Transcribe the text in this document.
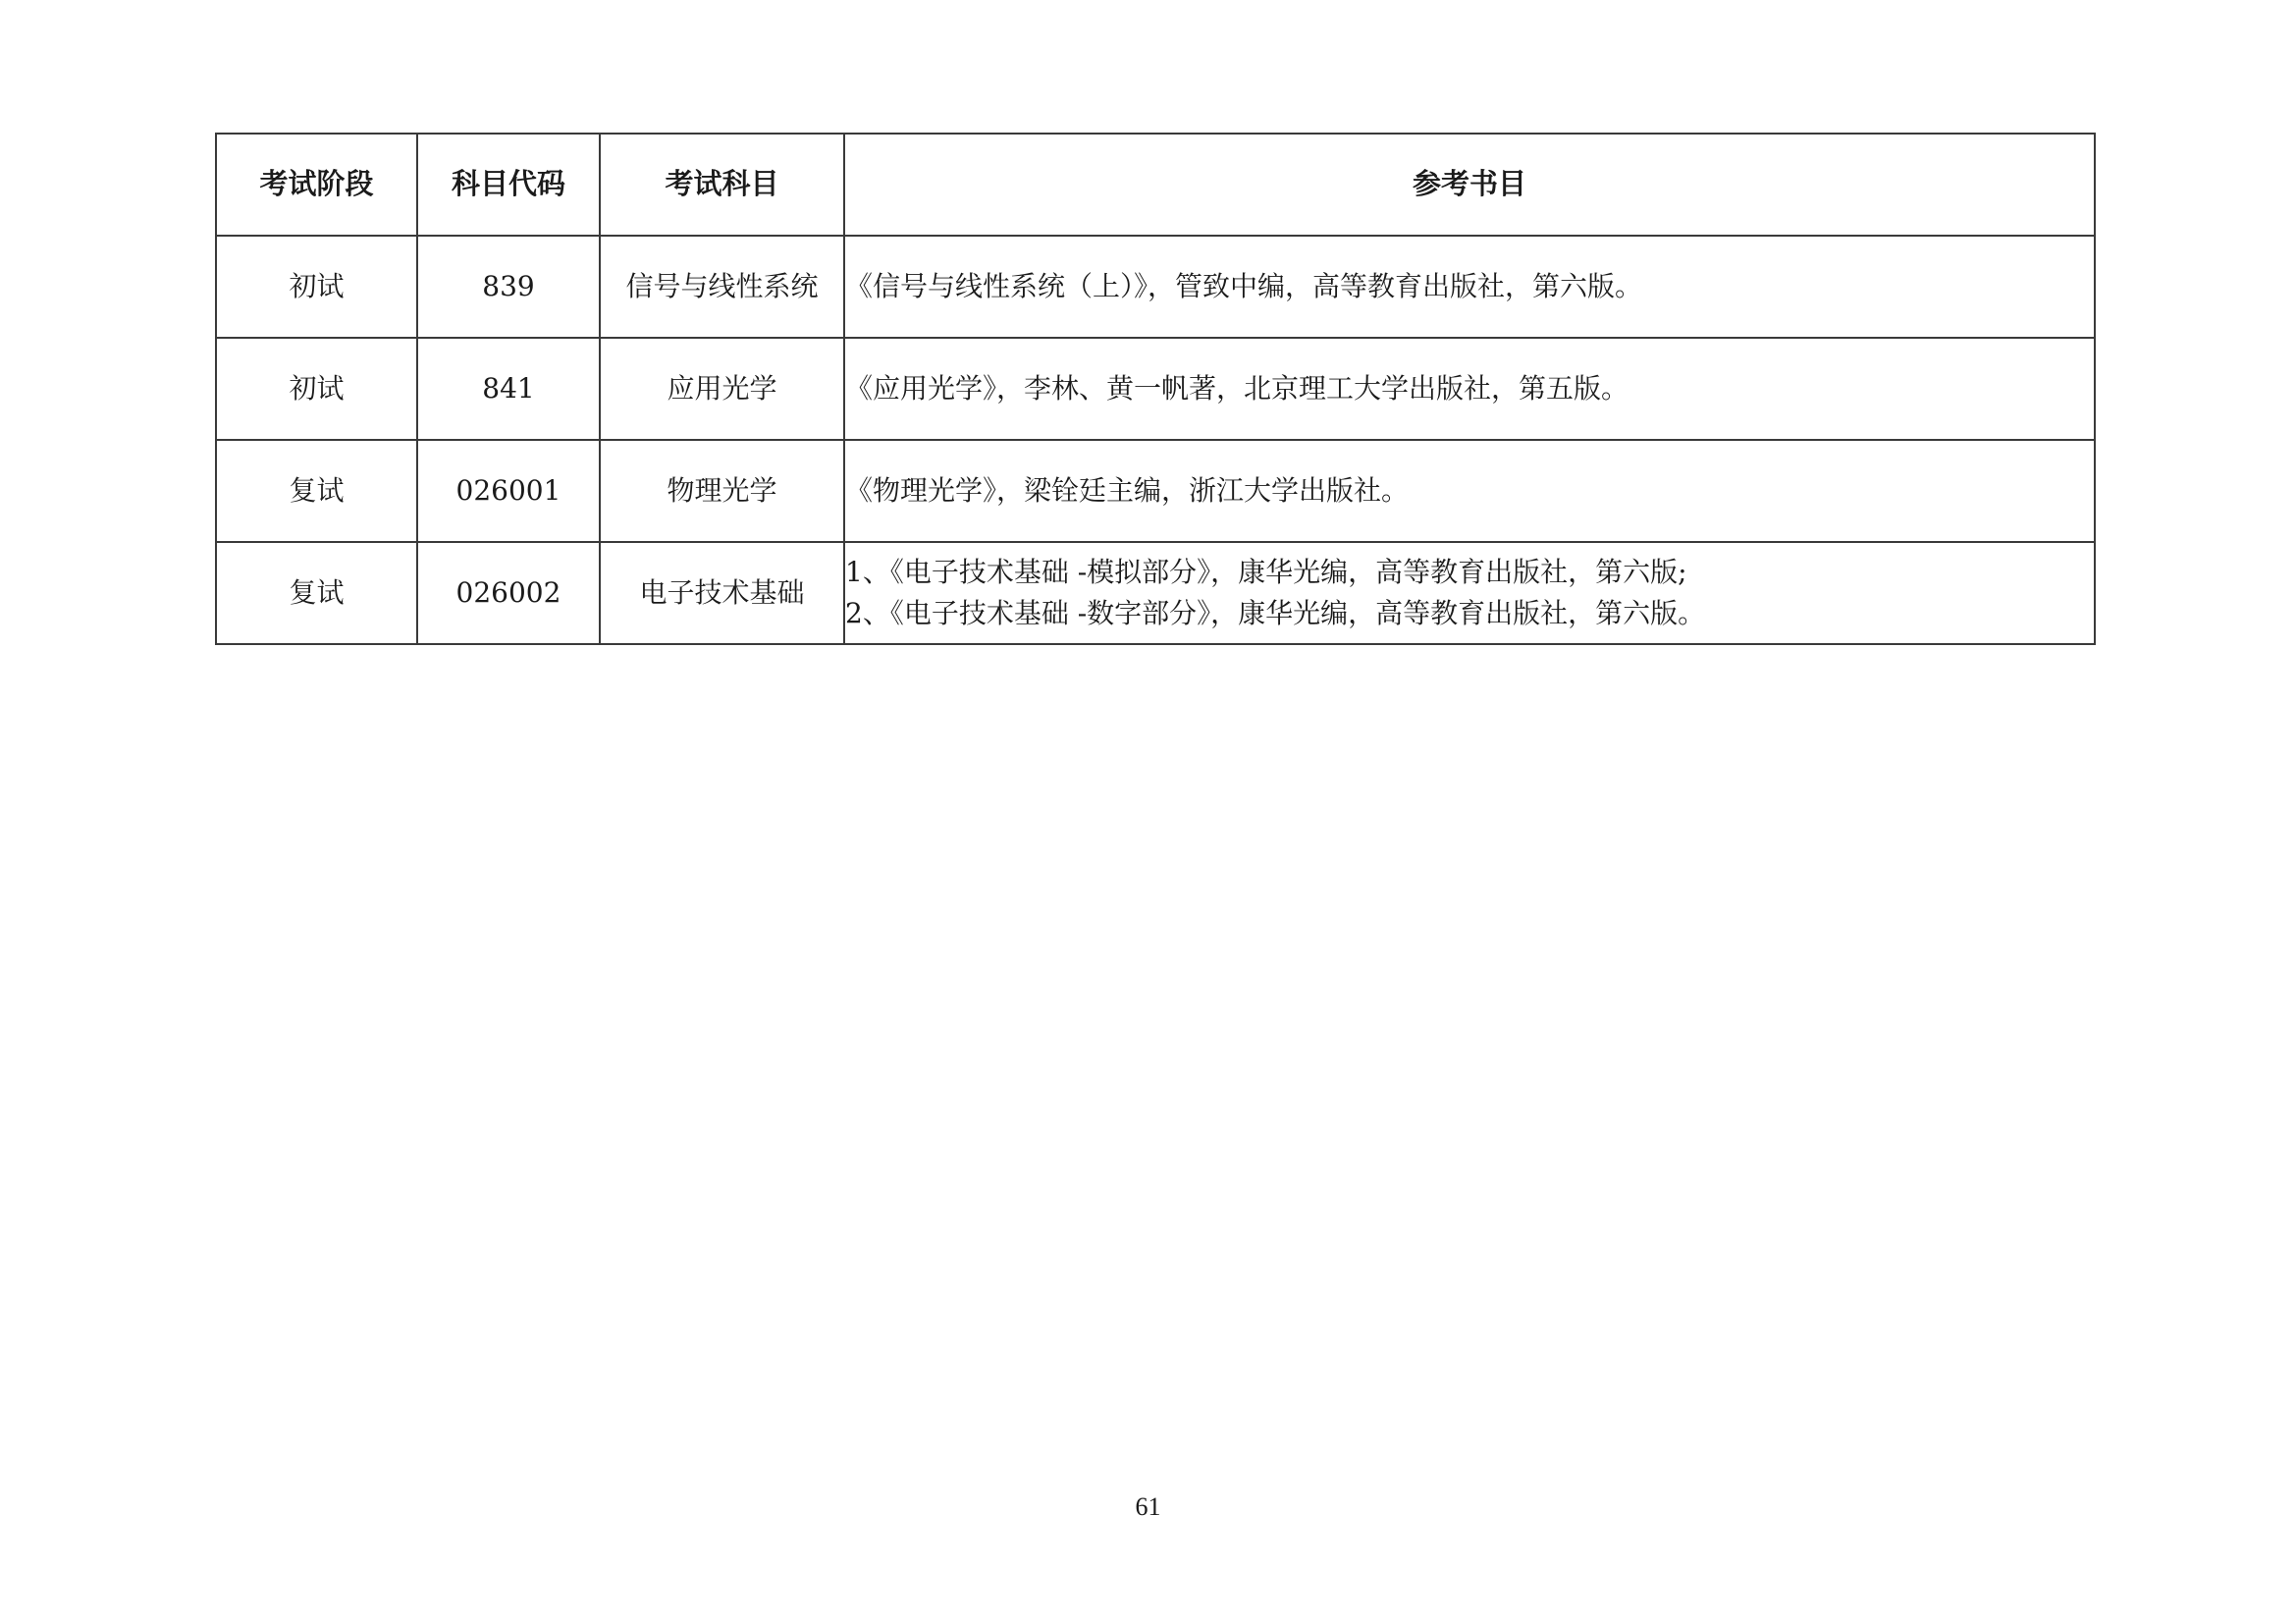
考试阶段	科目代码	考试科目	参考书目
初试	839	信号与线性系统	《信号与线性系统（上）》，管致中编，高等教育出版社，第六版。

初试	841	应用光学	《应用光学》，李林、黄一帆著，北京理工大学出版社，第五版。

复试	026001	物理光学	《物理光学》，梁铨廷主编，浙江大学出版社。

复试	026002	电子技术基础	1、《电子技术基础 -模拟部分》，康华光编，高等教育出版社，第六版;
2、《电子技术基础 -数字部分》，康华光编，高等教育出版社，第六版。
61
